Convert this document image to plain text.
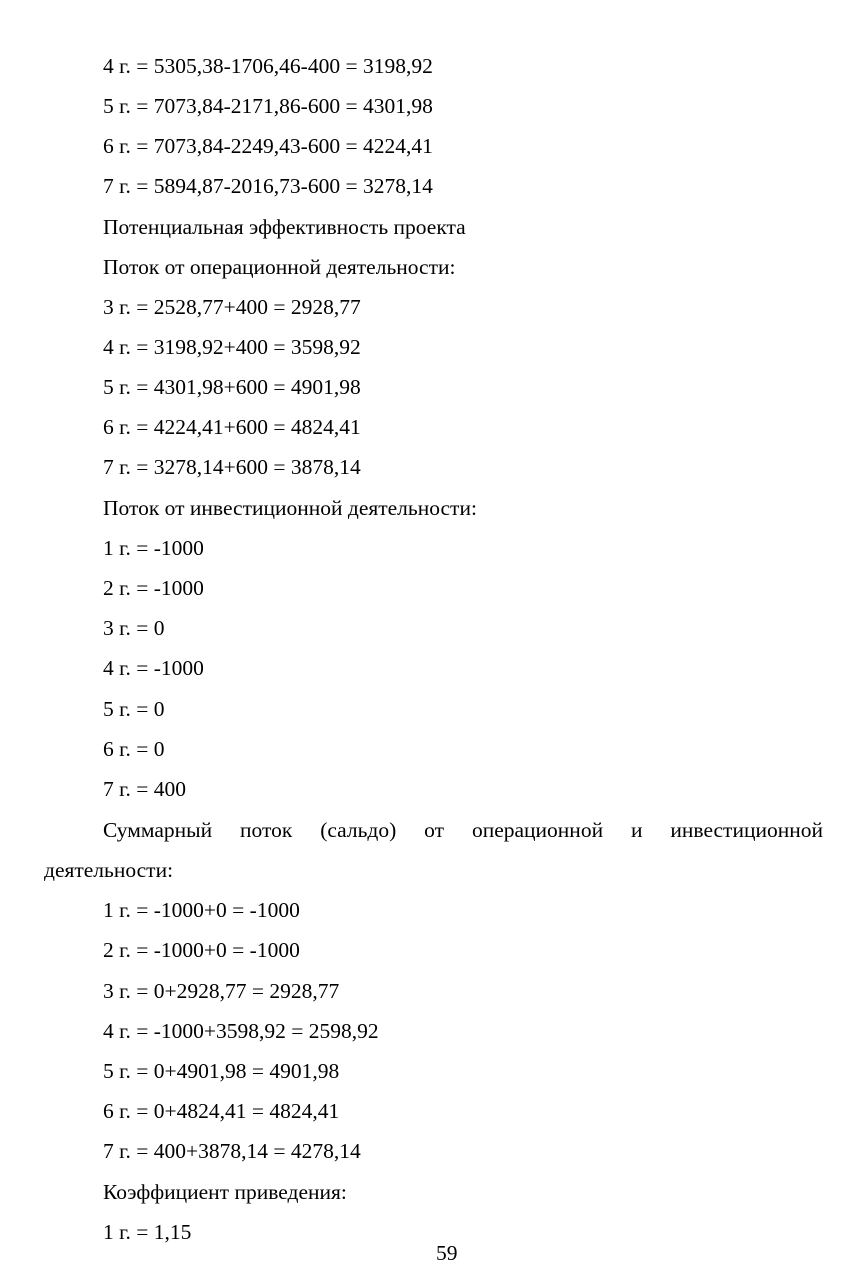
4 г. = 5305,38-1706,46-400 = 3198,92
5 г. = 7073,84-2171,86-600 = 4301,98
6 г. = 7073,84-2249,43-600 = 4224,41
7 г. = 5894,87-2016,73-600 = 3278,14
Потенциальная эффективность проекта
Поток от операционной деятельности:
3 г. = 2528,77+400 = 2928,77
4 г. = 3198,92+400 = 3598,92
5 г. = 4301,98+600 = 4901,98
6 г. = 4224,41+600 = 4824,41
7 г. = 3278,14+600 = 3878,14
Поток от инвестиционной деятельности:
1 г. = -1000
2 г. = -1000
3 г. = 0
4 г. = -1000
5 г. = 0
6 г. = 0
7 г. = 400
Суммарный поток (сальдо) от операционной и инвестиционной
деятельности:
1 г. = -1000+0 = -1000
2 г. = -1000+0 = -1000
3 г. = 0+2928,77 = 2928,77
4 г. = -1000+3598,92 = 2598,92
5 г. = 0+4901,98 = 4901,98
6 г. = 0+4824,41 = 4824,41
7 г. = 400+3878,14 = 4278,14
Коэффициент приведения:
1 г. = 1,15
59
